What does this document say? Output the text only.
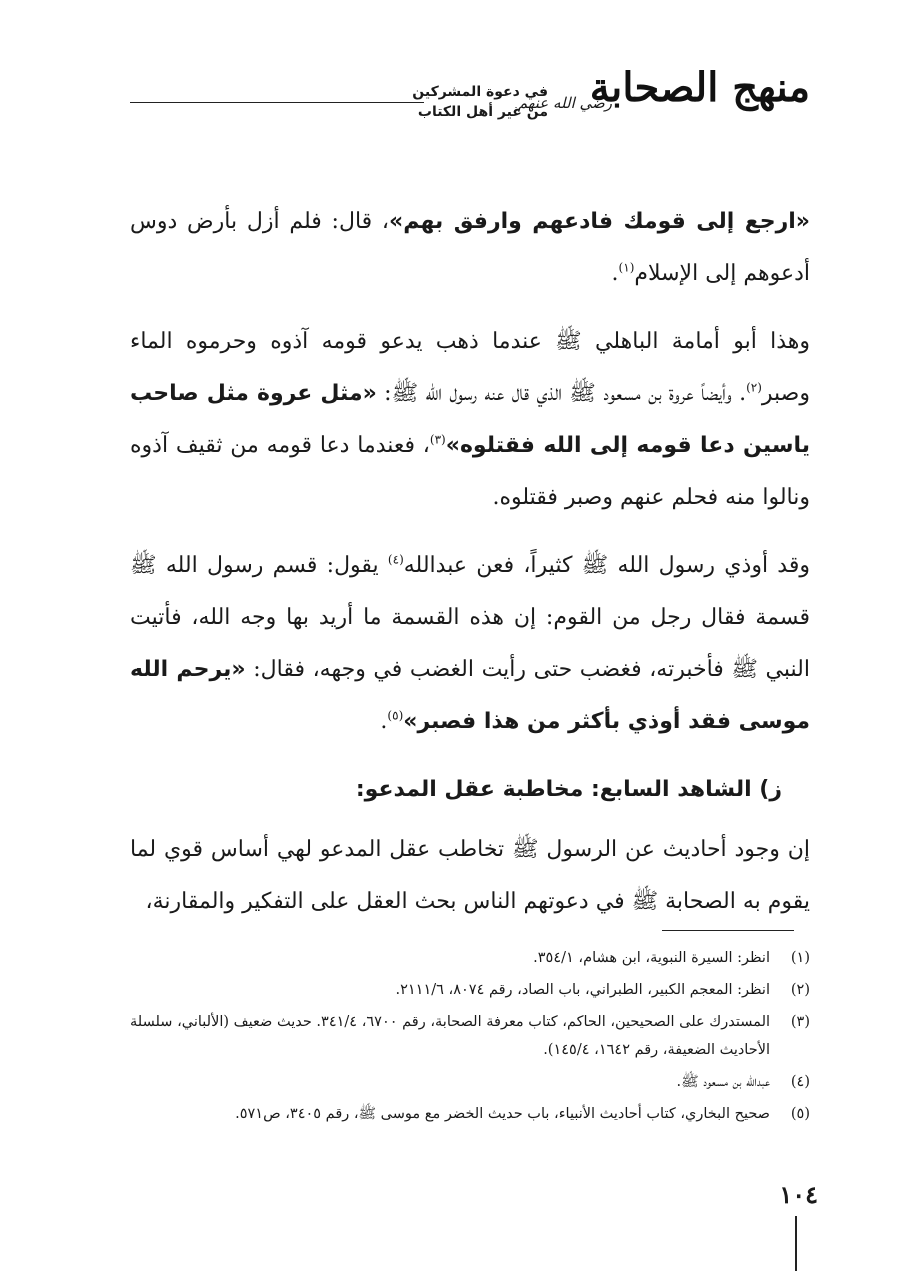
منهج الصحابة
رضي الله عنهم
في دعوة المشركين
من غير أهل الكتاب

«ارجع إلى قومك فادعهم وارفق بهم»، قال: فلم أزل بأرض دوس أدعوهم إلى الإسلام$^{(١)}$.

وهذا أبو أمامة الباهلي ﷺ عندما ذهب يدعو قومه آذوه وحرموه الماء وصبر$^{(٢)}$. وأيضاً عروة بن مسعود ﷺ الذي قال عنه رسول الله ﷺ: «مثل عروة مثل صاحب ياسين دعا قومه إلى الله فقتلوه»$^{(٣)}$، فعندما دعا قومه من ثقيف آذوه ونالوا منه فحلم عنهم وصبر فقتلوه.

وقد أوذي رسول الله ﷺ كثيراً، فعن عبدالله$^{(٤)}$ يقول: قسم رسول الله ﷺ قسمة فقال رجل من القوم: إن هذه القسمة ما أريد بها وجه الله، فأتيت النبي ﷺ فأخبرته، فغضب حتى رأيت الغضب في وجهه، فقال: «يرحم الله موسى فقد أوذي بأكثر من هذا فصبر»$^{(٥)}$.

ز) الشاهد السابع: مخاطبة عقل المدعو:

إن وجود أحاديث عن الرسول ﷺ تخاطب عقل المدعو لهي أساس قوي لما يقوم به الصحابة ﷺ في دعوتهم الناس بحث العقل على التفكير والمقارنة،

(١)انظر: السيرة النبوية، ابن هشام، ٣٥٤/١.

(٢)انظر: المعجم الكبير، الطبراني، باب الصاد، رقم ٨٠٧٤، ٢١١١/٦.

(٣)المستدرك على الصحيحين، الحاكم، كتاب معرفة الصحابة، رقم ٦٧٠٠، ٣٤١/٤. حديث ضعيف (الألباني، سلسلة الأحاديث الضعيفة، رقم ١٦٤٢، ١٤٥/٤).

(٤)عبدالله بن مسعود ﷺ.

(٥)صحيح البخاري، كتاب أحاديث الأنبياء، باب حديث الخضر مع موسى ﷺ، رقم ٣٤٠٥، ص٥٧١.

١٠٤
